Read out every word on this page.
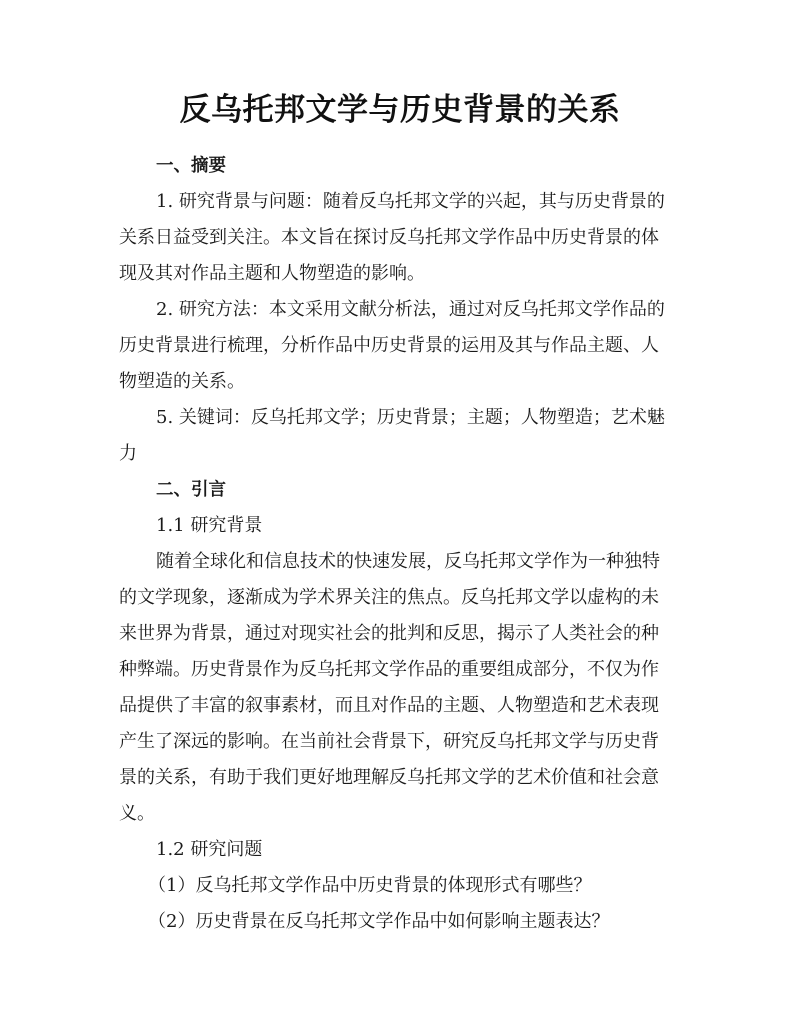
反乌托邦文学与历史背景的关系

一、摘要

1. 研究背景与问题：随着反乌托邦文学的兴起，其与历史背景的

关系日益受到关注。本文旨在探讨反乌托邦文学作品中历史背景的体

现及其对作品主题和人物塑造的影响。

2. 研究方法：本文采用文献分析法，通过对反乌托邦文学作品的

历史背景进行梳理，分析作品中历史背景的运用及其与作品主题、人

物塑造的关系。

5. 关键词：反乌托邦文学；历史背景；主题；人物塑造；艺术魅

力

二、引言

1.1 研究背景

随着全球化和信息技术的快速发展，反乌托邦文学作为一种独特

的文学现象，逐渐成为学术界关注的焦点。反乌托邦文学以虚构的未

来世界为背景，通过对现实社会的批判和反思，揭示了人类社会的种

种弊端。历史背景作为反乌托邦文学作品的重要组成部分，不仅为作

品提供了丰富的叙事素材，而且对作品的主题、人物塑造和艺术表现

产生了深远的影响。在当前社会背景下，研究反乌托邦文学与历史背

景的关系，有助于我们更好地理解反乌托邦文学的艺术价值和社会意

义。

1.2 研究问题

（1）反乌托邦文学作品中历史背景的体现形式有哪些？

（2）历史背景在反乌托邦文学作品中如何影响主题表达？
